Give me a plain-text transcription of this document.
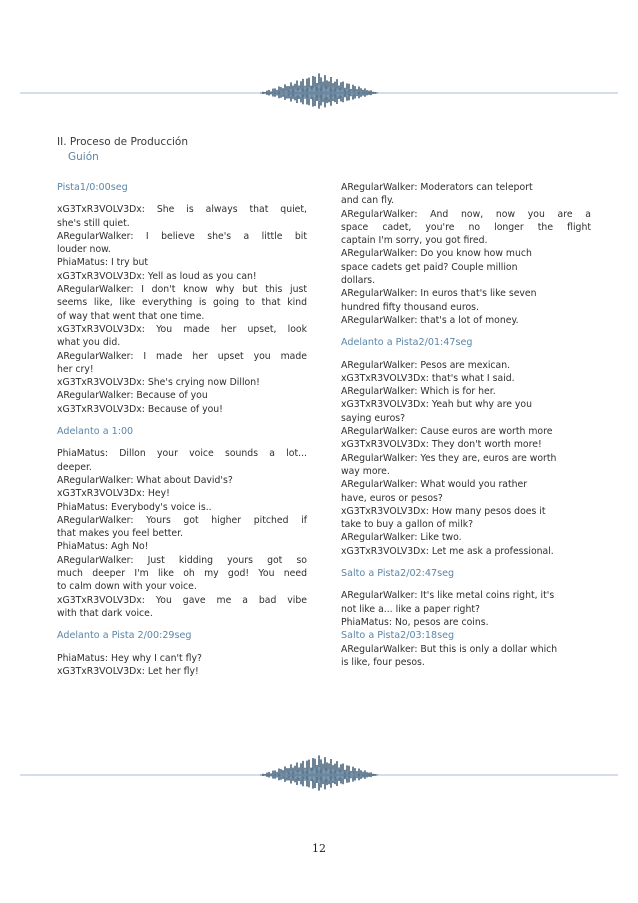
II. Proceso de Producción
Guión
Pista1/0:00seg
xG3TxR3VOLV3Dx: She is always that quiet,
she's still quiet.
ARegularWalker: I believe she's a little bit
louder now.
PhiaMatus: I try but
xG3TxR3VOLV3Dx: Yell as loud as you can!
ARegularWalker: I don't know why but this just
seems like, like everything is going to that kind
of way that went that one time.
xG3TxR3VOLV3Dx: You made her upset, look
what you did.
ARegularWalker: I made her upset you made
her cry!
xG3TxR3VOLV3Dx: She's crying now Dillon!
ARegularWalker: Because of you
xG3TxR3VOLV3Dx: Because of you!
Adelanto a 1:00
PhiaMatus: Dillon your voice sounds a lot...
deeper.
ARegularWalker: What about David's?
xG3TxR3VOLV3Dx: Hey!
PhiaMatus: Everybody's voice is..
ARegularWalker: Yours got higher pitched if
that makes you feel better.
PhiaMatus: Agh No!
ARegularWalker: Just kidding yours got so
much deeper I'm like oh my god! You need
to calm down with your voice.
xG3TxR3VOLV3Dx: You gave me a bad vibe
with that dark voice.
Adelanto a Pista 2/00:29seg
PhiaMatus: Hey why I can't fly?
xG3TxR3VOLV3Dx: Let her fly!
ARegularWalker: Moderators can teleport
and can fly.
ARegularWalker: And now, now you are a
space cadet, you're no longer the flight
captain I'm sorry, you got fired.
ARegularWalker: Do you know how much
space cadets get paid? Couple million
dollars.
ARegularWalker: In euros that's like seven
hundred fifty thousand euros.
ARegularWalker: that's a lot of money.
Adelanto a Pista2/01:47seg
ARegularWalker: Pesos are mexican.
xG3TxR3VOLV3Dx: that's what I said.
ARegularWalker: Which is for her.
xG3TxR3VOLV3Dx: Yeah but why are you
saying euros?
ARegularWalker: Cause euros are worth more
xG3TxR3VOLV3Dx: They don't worth more!
ARegularWalker: Yes they are, euros are worth
way more.
ARegularWalker: What would you rather
have, euros or pesos?
xG3TxR3VOLV3Dx: How many pesos does it
take to buy a gallon of milk?
ARegularWalker: Like two.
xG3TxR3VOLV3Dx: Let me ask a professional.
Salto a Pista2/02:47seg
ARegularWalker: It's like metal coins right, it's
not like a... like a paper right?
PhiaMatus: No, pesos are coins.
Salto a Pista2/03:18seg
ARegularWalker: But this is only a dollar which
is like, four pesos.
12
